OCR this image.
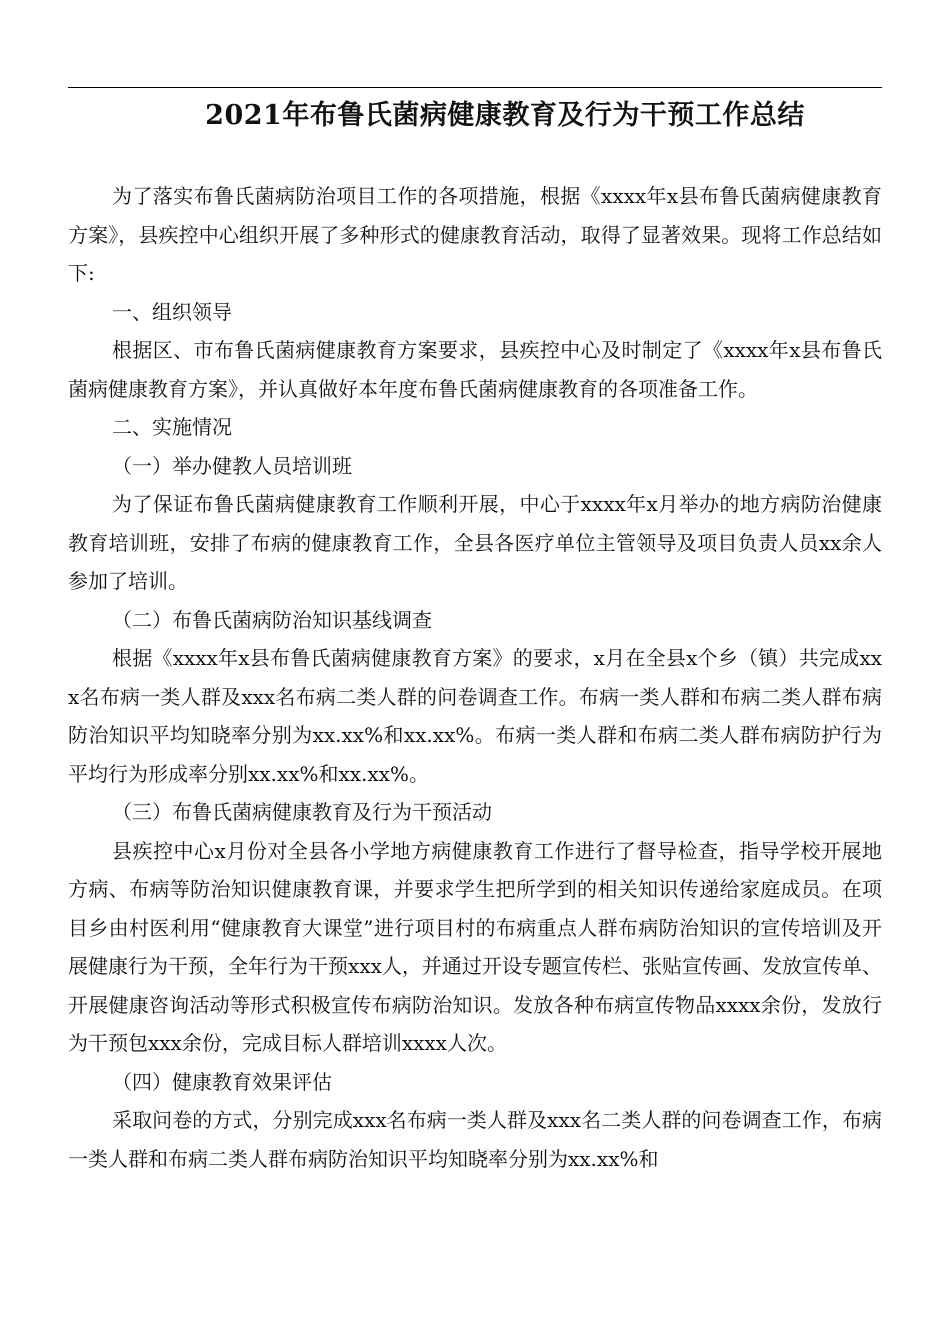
2021年布鲁氏菌病健康教育及行为干预工作总结

为了落实布鲁氏菌病防治项目工作的各项措施，根据《xxxx年x县布鲁氏菌病健康教育方案》，县疾控中心组织开展了多种形式的健康教育活动，取得了显著效果。现将工作总结如下:

一、组织领导

根据区、市布鲁氏菌病健康教育方案要求，县疾控中心及时制定了《xxxx年x县布鲁氏菌病健康教育方案》，并认真做好本年度布鲁氏菌病健康教育的各项准备工作。

二、实施情况

（一）举办健教人员培训班

为了保证布鲁氏菌病健康教育工作顺利开展，中心于xxxx年x月举办的地方病防治健康教育培训班，安排了布病的健康教育工作，全县各医疗单位主管领导及项目负责人员xx余人参加了培训。

（二）布鲁氏菌病防治知识基线调查

根据《xxxx年x县布鲁氏菌病健康教育方案》的要求，x月在全县x个乡（镇）共完成xxx名布病一类人群及xxx名布病二类人群的问卷调查工作。布病一类人群和布病二类人群布病防治知识平均知晓率分别为xx.xx%和xx.xx%。布病一类人群和布病二类人群布病防护行为平均行为形成率分别xx.xx%和xx.xx%。

（三）布鲁氏菌病健康教育及行为干预活动

县疾控中心x月份对全县各小学地方病健康教育工作进行了督导检查，指导学校开展地方病、布病等防治知识健康教育课，并要求学生把所学到的相关知识传递给家庭成员。在项目乡由村医利用“健康教育大课堂”进行项目村的布病重点人群布病防治知识的宣传培训及开展健康行为干预，全年行为干预xxx人，并通过开设专题宣传栏、张贴宣传画、发放宣传单、开展健康咨询活动等形式积极宣传布病防治知识。发放各种布病宣传物品xxxx余份，发放行为干预包xxx余份，完成目标人群培训xxxx人次。

（四）健康教育效果评估

采取问卷的方式，分别完成xxx名布病一类人群及xxx名二类人群的问卷调查工作，布病一类人群和布病二类人群布病防治知识平均知晓率分别为xx.xx%和
